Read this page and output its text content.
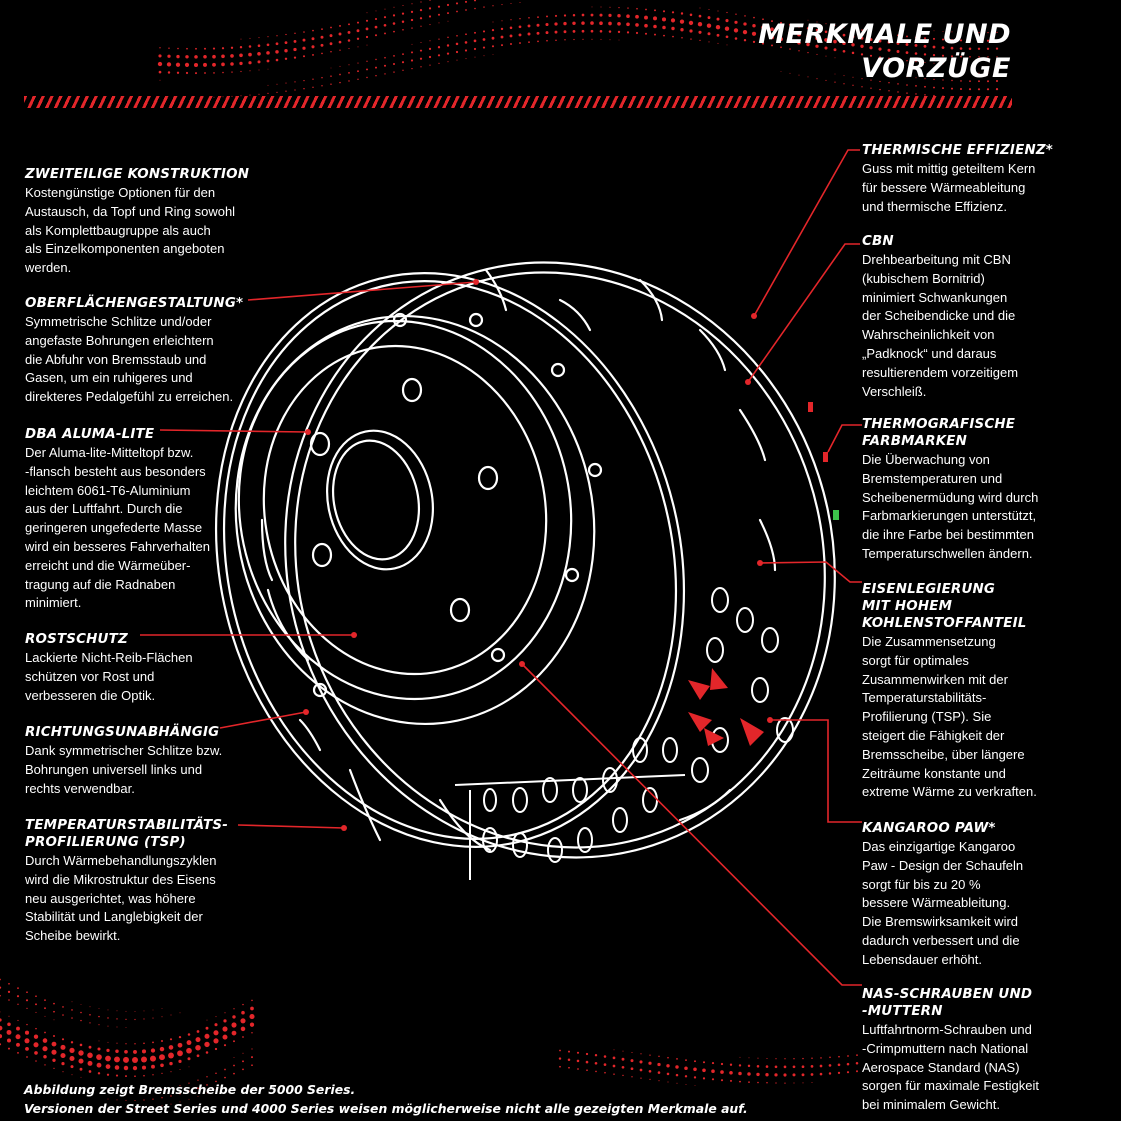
MERKMALE UND
VORZÜGE
ZWEITEILIGE KONSTRUKTION

Kostengünstige Optionen für den
Austausch, da Topf und Ring sowohl
als Komplettbaugruppe als auch
als Einzelkomponenten angeboten
werden.

OBERFLÄCHENGESTALTUNG*

Symmetrische Schlitze und/oder
angefaste Bohrungen erleichtern
die Abfuhr von Bremsstaub und
Gasen, um ein ruhigeres und
direkteres Pedalgefühl zu erreichen.

DBA ALUMA-LITE

Der Aluma-lite-Mitteltopf bzw.
-flansch besteht aus besonders
leichtem 6061-T6-Aluminium
aus der Luftfahrt. Durch die
geringeren ungefederte Masse
wird ein besseres Fahrverhalten
erreicht und die Wärmeüber-
tragung auf die Radnaben
minimiert.

ROSTSCHUTZ

Lackierte Nicht-Reib-Flächen
schützen vor Rost und
verbesseren die Optik.

RICHTUNGSUNABHÄNGIG

Dank symmetrischer Schlitze bzw.
Bohrungen universell links und
rechts verwendbar.

TEMPERATURSTABILITÄTS-
PROFILIERUNG (TSP)

Durch Wärmebehandlungszyklen
wird die Mikrostruktur des Eisens
neu ausgerichtet, was höhere
Stabilität und Langlebigkeit der
Scheibe bewirkt.

THERMISCHE EFFIZIENZ*

Guss mit mittig geteiltem Kern
für bessere Wärmeableitung
und thermische Effizienz.

CBN

Drehbearbeitung mit CBN
(kubischem Bornitrid)
minimiert Schwankungen
der Scheibendicke und die
Wahrscheinlichkeit von
„Padknock“ und daraus
resultierendem vorzeitigem
Verschleiß.

THERMOGRAFISCHE
FARBMARKEN

Die Überwachung von
Bremstemperaturen und
Scheibenermüdung wird durch
Farbmarkierungen unterstützt,
die ihre Farbe bei bestimmten
Temperaturschwellen ändern.

EISENLEGIERUNG
MIT HOHEM
KOHLENSTOFFANTEIL

Die Zusammensetzung
sorgt für optimales
Zusammenwirken mit der
Temperaturstabilitäts-
Profilierung (TSP). Sie
steigert die Fähigkeit der
Bremsscheibe, über längere
Zeiträume konstante und
extreme Wärme zu verkraften.

KANGAROO PAW*

Das einzigartige Kangaroo
Paw - Design der Schaufeln
sorgt für bis zu 20 %
bessere Wärmeableitung.
Die Bremswirksamkeit wird
dadurch verbessert und die
Lebensdauer erhöht.

NAS-SCHRAUBEN UND
-MUTTERN

Luftfahrtnorm-Schrauben und
-Crimpmuttern nach National
Aerospace Standard (NAS)
sorgen für maximale Festigkeit
bei minimalem Gewicht.

Abbildung zeigt Bremsscheibe der 5000 Series.
Versionen der Street Series und 4000 Series weisen möglicherweise nicht alle gezeigten Merkmale auf.
